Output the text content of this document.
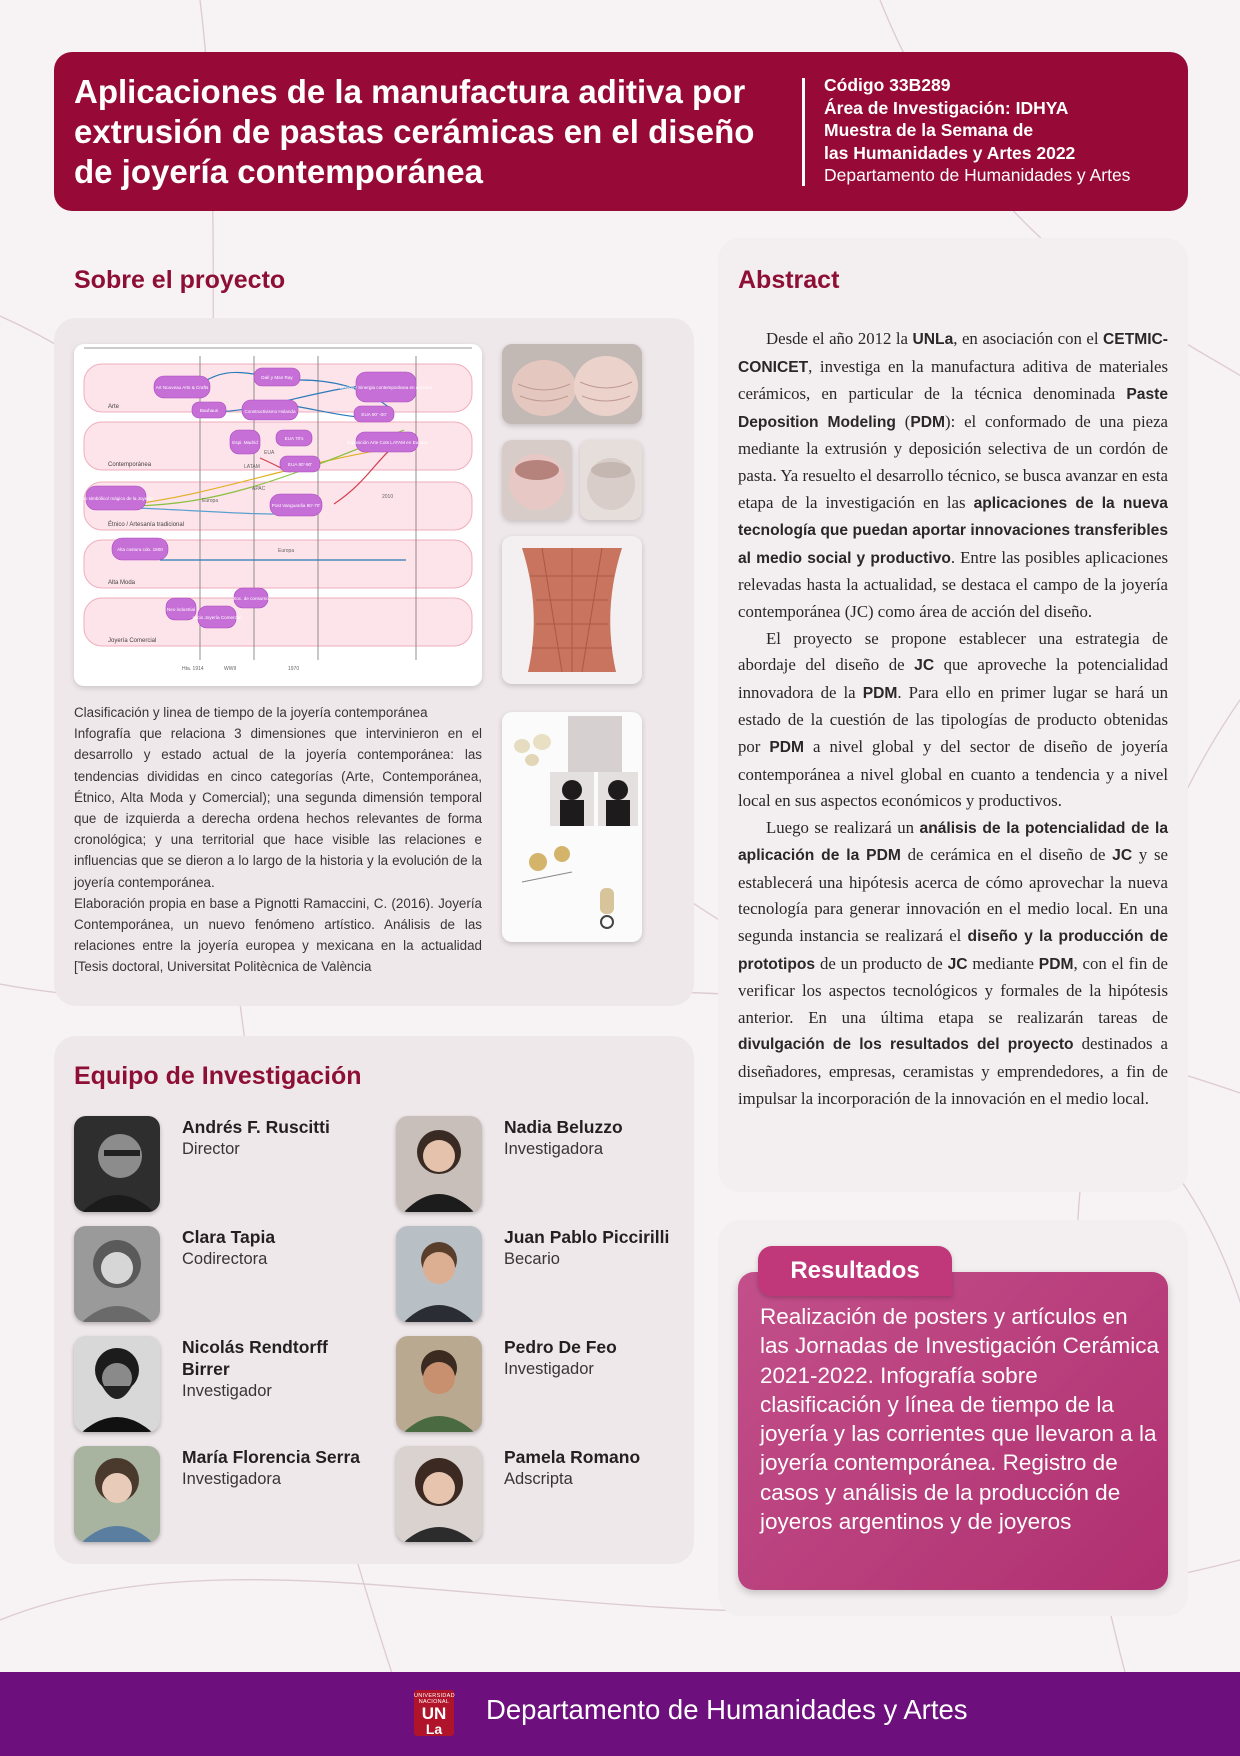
Aplicaciones de la manufactura aditiva por extrusión de pastas cerámicas en el diseño de joyería contemporánea
Código 33B289
Área de Investigación: IDHYA
Muestra de la Semana de
las Humanidades y Artes 2022
Departamento de Humanidades y Artes
Sobre el proyecto
Arte
Contemporánea
Étnico / Artesanía tradicional
Alta Moda
Joyería Comercial
Art Nouveau Arts & Crafts
Bauhaus
Dalí y Man Ray
Constructivismo Holanda
Diseño / Sinergia contemporánea en artística
EUA 90' -00'
EUA 70's
Exposición Arte Cots LATAM en Europa
Espi. Madrid
EUA 80'-90'
Uso simbólico/ mágico de la Joyería
Post Vanguardia 80'-70'
Alta costura cdo. 1800
Neo industrial
Inicio Joyería Comercial
Soc. de consumo
EUA
LATAM
APAC
Europa
Europa
2010
Hta. 1914	WWII	1970
Clasificación y linea de tiempo de la joyería contemporánea
Infografía que relaciona 3 dimensiones que intervinieron en el desarrollo y estado actual de la joyería contemporánea: las tendencias divididas en cinco categorías (Arte, Contemporánea, Étnico, Alta Moda y Comercial); una segunda dimensión temporal que de izquierda a derecha ordena hechos relevantes de forma cronológica; y una territorial que hace visible las relaciones e influencias que se dieron a lo largo de la historia y la evolución de la joyería contemporánea.
Elaboración propia en base a Pignotti Ramaccini, C. (2016). Joyería Contemporánea, un nuevo fenómeno artístico. Análisis de las relaciones entre la joyería europea y mexicana en la actualidad [Tesis doctoral, Universitat Politècnica de València
Equipo de Investigación
Andrés F. Ruscitti
Director
Nadia Beluzzo
Investigadora
Clara Tapia
Codirectora
Juan Pablo Piccirilli
Becario
Nicolás Rendtorff Birrer
Investigador
Pedro De Feo
Investigador
María Florencia Serra
Investigadora
Pamela Romano
Adscripta
Abstract

Desde el año 2012 la UNLa, en asociación con el CETMIC-CONICET, investiga en la manufactura aditiva de materiales cerámicos, en particular de la técnica denominada Paste Deposition Modeling (PDM): el conformado de una pieza mediante la extrusión y deposición selectiva de un cordón de pasta. Ya resuelto el desarrollo técnico, se busca avanzar en esta etapa de la investigación en las aplicaciones de la nueva tecnología que puedan aportar innovaciones transferibles al medio social y productivo. Entre las posibles aplicaciones relevadas hasta la actualidad, se destaca el campo de la joyería contemporánea (JC) como área de acción del diseño.

El proyecto se propone establecer una estrategia de abordaje del diseño de JC que aproveche la potencialidad innovadora de la PDM. Para ello en primer lugar se hará un estado de la cuestión de las tipologías de producto obtenidas por PDM a nivel global y del sector de diseño de joyería contemporánea a nivel global en cuanto a tendencia y a nivel local en sus aspectos económicos y productivos.

Luego se realizará un análisis de la potencialidad de la aplicación de la PDM de cerámica en el diseño de JC y se establecerá una hipótesis acerca de cómo aprovechar la nueva tecnología para generar innovación en el medio local. En una segunda instancia se realizará el diseño y la producción de prototipos de un producto de JC mediante PDM, con el fin de verificar los aspectos tecnológicos y formales de la hipótesis anterior. En una última etapa se realizarán tareas de divulgación de los resultados del proyecto destinados a diseñadores, empresas, ceramistas y emprendedores, a fin de impulsar la incorporación de la innovación en el medio local.

Realización de posters y artículos en las Jornadas de Investigación Cerámica 2021-2022. Infografía sobre clasificación y línea de tiempo de la joyería y las corrientes que llevaron a la joyería contemporánea. Registro de casos y análisis de la producción de joyeros argentinos y de joyeros
Resultados
UNIVERSIDAD NACIONAL
UN
La
Departamento de Humanidades y Artes
